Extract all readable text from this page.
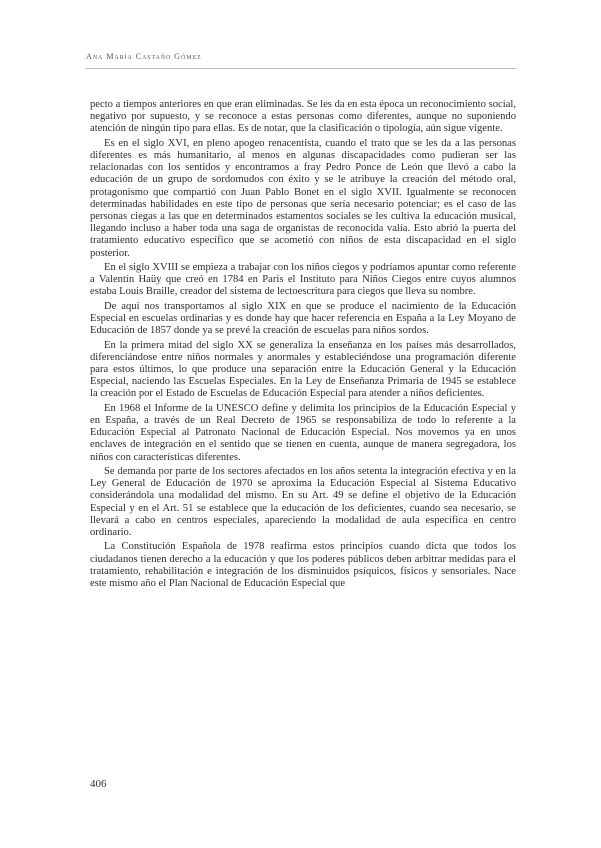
Ana María Castaño Gómez

pecto a tiempos anteriores en que eran eliminadas. Se les da en esta época un reconocimiento social, negativo por supuesto, y se reconoce a estas personas como diferentes, aunque no suponiendo atención de ningún tipo para ellas. Es de notar, que la clasificación o tipología, aún sigue vigente.

Es en el siglo XVI, en pleno apogeo renacentista, cuando el trato que se les da a las personas diferentes es más humanitario, al menos en algunas discapacidades como pudieran ser las relacionadas con los sentidos y encontramos a fray Pedro Ponce de León que llevó a cabo la educación de un grupo de sordomudos con éxito y se le atribuye la creación del método oral, protagonismo que compartió con Juan Pablo Bonet en el siglo XVII. Igualmente se reconocen determinadas habilidades en este tipo de personas que sería necesario potenciar; es el caso de las personas ciegas a las que en determinados estamentos sociales se les cultiva la educación musical, llegando incluso a haber toda una saga de organistas de reconocida valía. Esto abrió la puerta del tratamiento educativo específico que se acometió con niños de esta discapacidad en el siglo posterior.

En el siglo XVIII se empieza a trabajar con los niños ciegos y podríamos apuntar como referente a Valentín Haüy que creó en 1784 en París el Instituto para Niños Ciegos entre cuyos alumnos estaba Louis Braille, creador del sistema de lectoescritura para ciegos que lleva su nombre.

De aquí nos transportamos al siglo XIX en que se produce el nacimiento de la Educación Especial en escuelas ordinarias y es donde hay que hacer referencia en España a la Ley Moyano de Educación de 1857 donde ya se prevé la creación de escuelas para niños sordos.

En la primera mitad del siglo XX se generaliza la enseñanza en los países más desarrollados, diferenciándose entre niños normales y anormales y estableciéndose una programación diferente para estos últimos, lo que produce una separación entre la Educación General y la Educación Especial, naciendo las Escuelas Especiales. En la Ley de Enseñanza Primaria de 1945 se establece la creación por el Estado de Escuelas de Educación Especial para atender a niños deficientes.

En 1968 el Informe de la UNESCO define y delimita los principios de la Educación Especial y en España, a través de un Real Decreto de 1965 se responsabiliza de todo lo referente a la Educación Especial al Patronato Nacional de Educación Especial. Nos movemos ya en unos enclaves de integración en el sentido que se tienen en cuenta, aunque de manera segregadora, los niños con características diferentes.

Se demanda por parte de los sectores afectados en los años setenta la integración efectiva y en la Ley General de Educación de 1970 se aproxima la Educación Especial al Sistema Educativo considerándola una modalidad del mismo. En su Art. 49 se define el objetivo de la Educación Especial y en el Art. 51 se establece que la educación de los deficientes, cuando sea necesario, se llevará a cabo en centros especiales, apareciendo la modalidad de aula específica en centro ordinario.

La Constitución Española de 1978 reafirma estos principios cuando dicta que todos los ciudadanos tienen derecho a la educación y que los poderes públicos deben arbitrar medidas para el tratamiento, rehabilitación e integración de los disminuidos psíquicos, físicos y sensoriales. Nace este mismo año el Plan Nacional de Educación Especial que

406
